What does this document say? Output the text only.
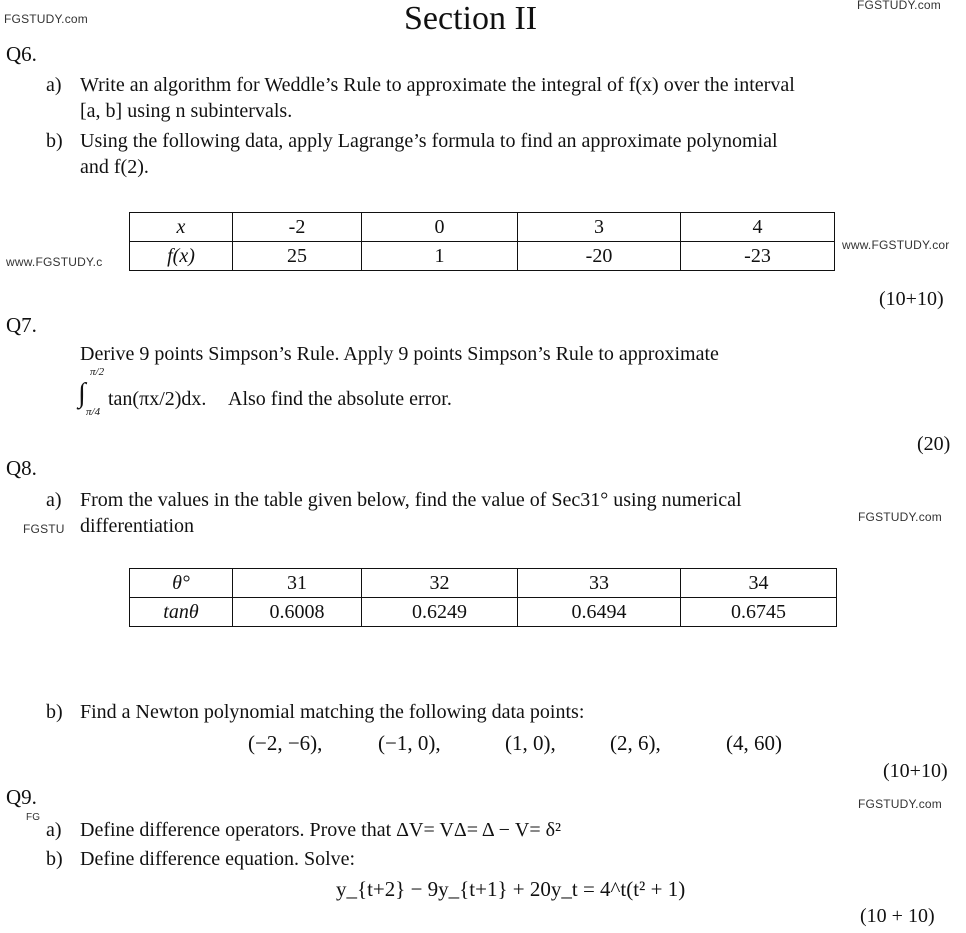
FGSTUDY.com
FGSTUDY.com
www.FGSTUDY.c
www.FGSTUDY.cor
FGSTU
FGSTUDY.com
FGSTUDY.com
FG
Section II
Q6.
a) Write an algorithm for Weddle’s Rule to approximate the integral of f(x) over the interval
[a, b] using n subintervals.
b) Using the following data, apply Lagrange’s formula to find an approximate polynomial
and f(2).
x	-2	0	3	4
f(x)	25	1	-20	-23
(10+10)
Q7.
Derive 9 points Simpson’s Rule. Apply 9 points Simpson’s Rule to approximate
∫
π/2
π/4
tan(πx/2)dx. Also find the absolute error.
(20)
Q8.
a) From the values in the table given below, find the value of Sec31° using numerical
differentiation
θ°	31	32	33	34
tanθ	0.6008	0.6249	0.6494	0.6745
b) Find a Newton polynomial matching the following data points:
(−2, −6),	(−1, 0),	(1, 0),	(2, 6),	(4, 60)
(10+10)
Q9.
a) Define difference operators. Prove that ΔV= VΔ= Δ − V= δ²
b) Define difference equation. Solve:
y_{t+2} − 9y_{t+1} + 20y_t = 4^t(t² + 1)
(10 + 10)
